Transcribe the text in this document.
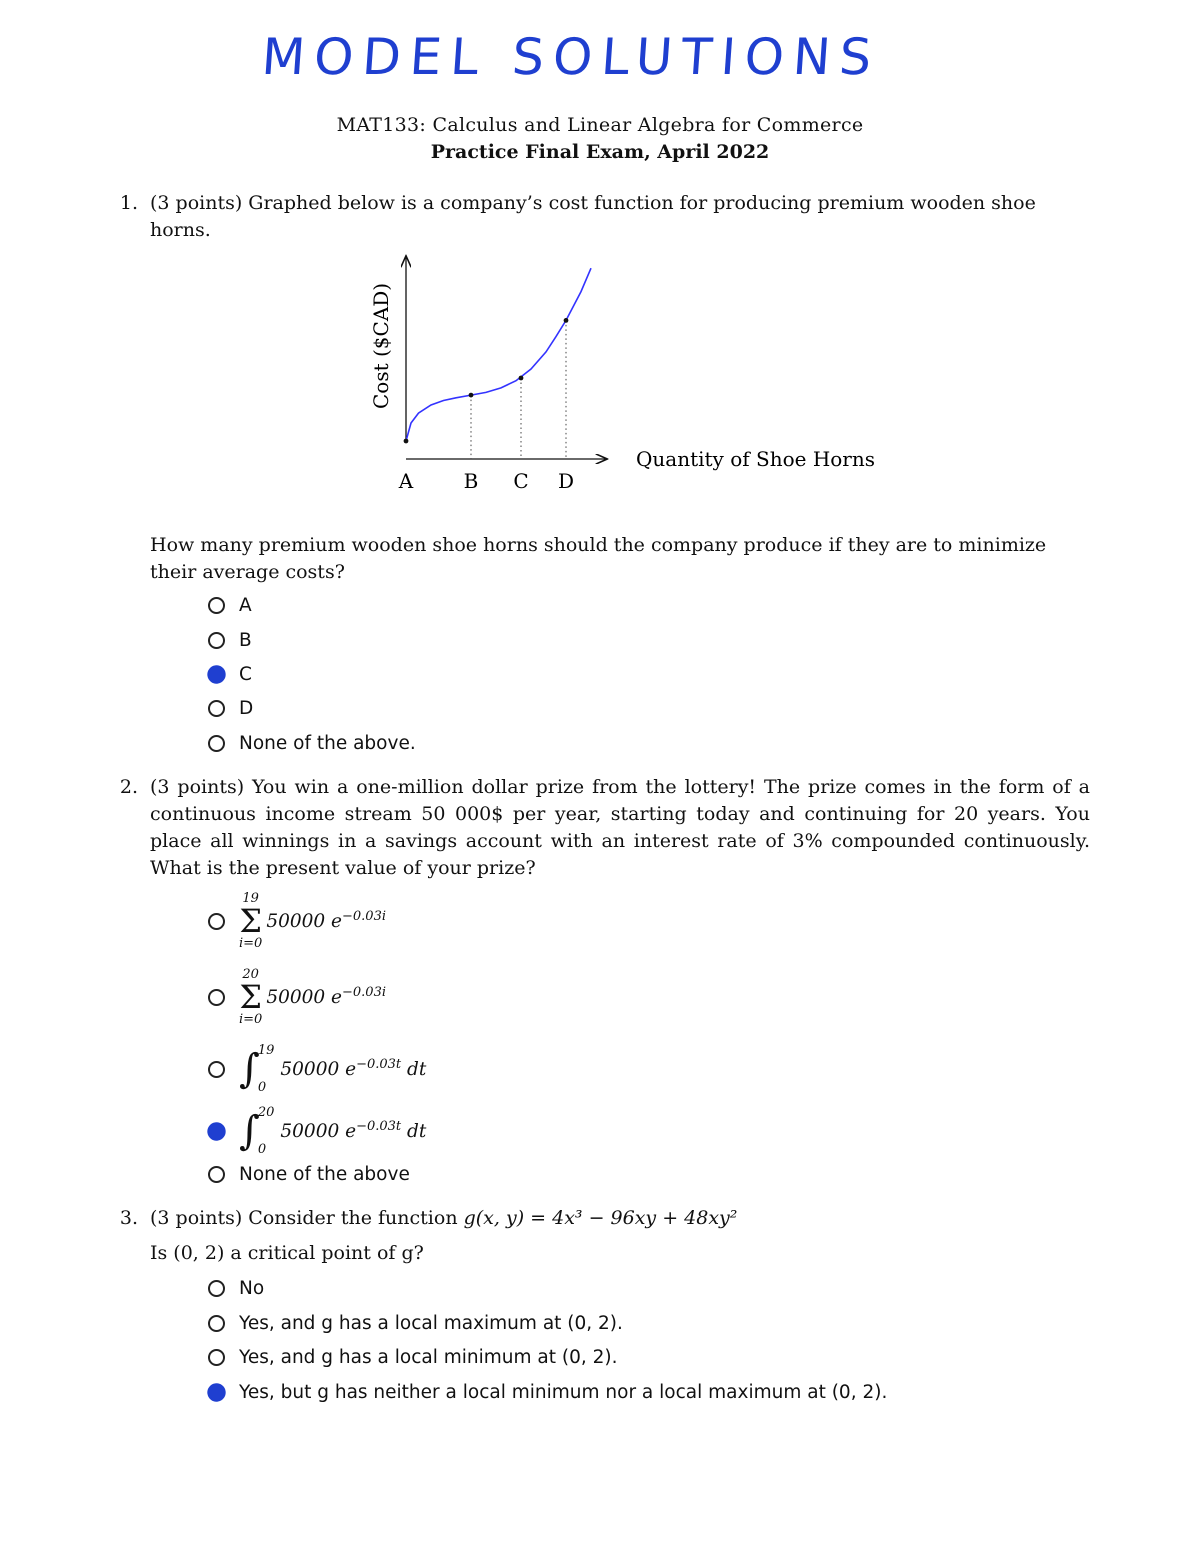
MODEL SOLUTIONS
MAT133: Calculus and Linear Algebra for Commerce
Practice Final Exam, April 2022
1. (3 points) Graphed below is a company’s cost function for producing premium wooden shoe horns.
A	B C D
Quantity of Shoe Horns
Cost ($CAD)
How many premium wooden shoe horns should the company produce if they are to minimize their average costs?
A
B
C
D
None of the above.
2. (3 points) You win a one-million dollar prize from the lottery! The prize comes in the form of a continuous income stream 50 000$ per year, starting today and continuing for 20 years. You place all winnings in a savings account with an interest rate of 3% compounded continuously. What is the present value of your prize?
19
Σ
i=0
50000 $e^{-0.03i}$
20
Σ
i=0
50000 $e^{-0.03i}$
∫
19
0
50000 $e^{-0.03t}$ dt
∫
20
0
50000 $e^{-0.03t}$ dt
None of the above
3. (3 points) Consider the function g(x, y) = 4x³ − 96xy + 48xy²
Is (0, 2) a critical point of g?
No
Yes, and g has a local maximum at (0, 2).
Yes, and g has a local minimum at (0, 2).
Yes, but g has neither a local minimum nor a local maximum at (0, 2).
